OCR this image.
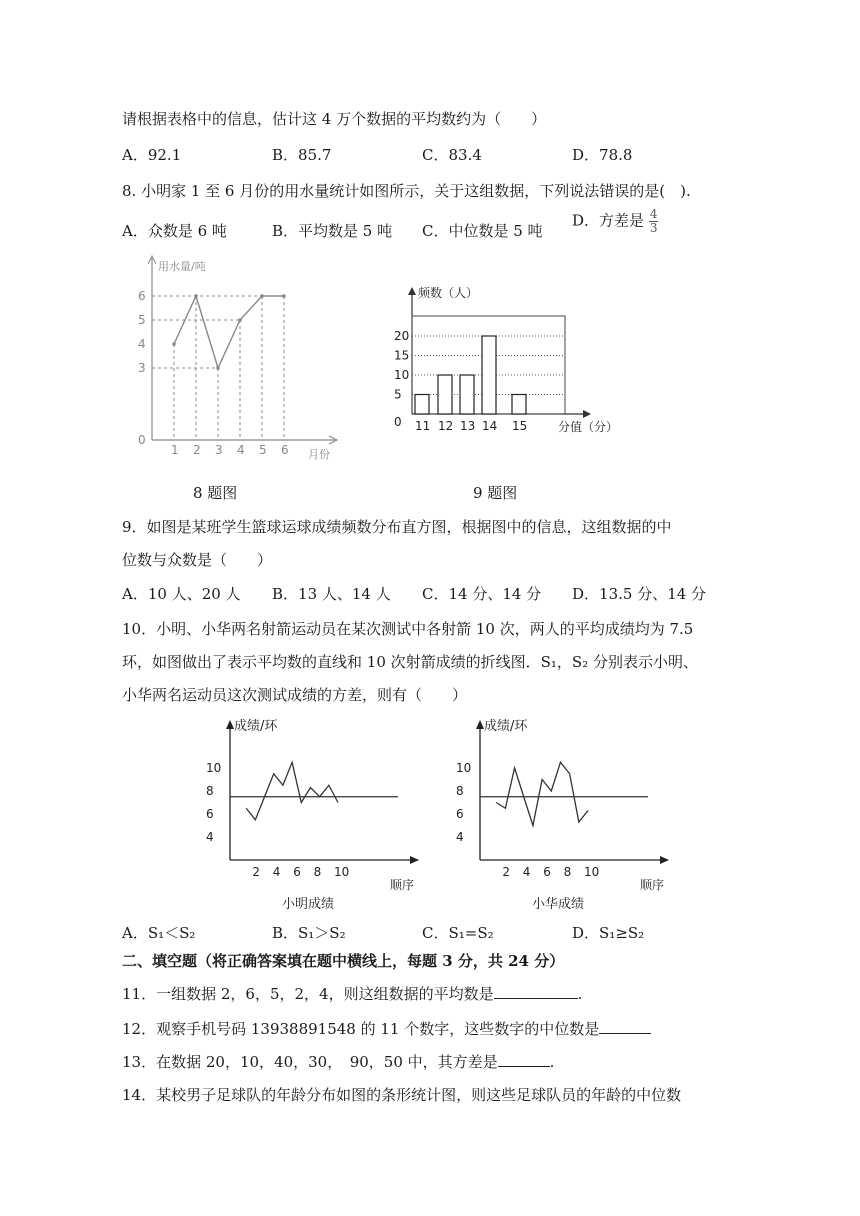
请根据表格中的信息，估计这 4 万个数据的平均数约为（　　）
A．92.1	B．85.7	C．83.4	D．78.8
8. 小明家 1 至 6 月份的用水量统计如图所示，关于这组数据，下列说法错误的是(　).
A．众数是 6 吨	B．平均数是 5 吨 C．中位数是 5 吨
D．方差是 $\frac{4}{3}$
用水量/吨
月份
0
3
4
5
6
1 2 3 4 5 6
8 题图
频数（人）
分值（分）
0
5
10
15
20
11 12 13 14 15
9 题图
9．如图是某班学生篮球运球成绩频数分布直方图，根据图中的信息，这组数据的中
位数与众数是（　　）
A．10 人、20 人 B．13 人、14 人 C．14 分、14 分 D．13.5 分、14 分
10．小明、小华两名射箭运动员在某次测试中各射箭 10 次，两人的平均成绩均为 7.5
环，如图做出了表示平均数的直线和 10 次射箭成绩的折线图．S₁，S₂ 分别表示小明、
小华两名运动员这次测试成绩的方差，则有（　　）
成绩/环
顺序
4
6
8
10
2 4 6 8 10
小明成绩
成绩/环
顺序
4
6
8
10
2 4 6 8 10
小华成绩
A．S₁＜S₂	B．S₁＞S₂	C．S₁=S₂	D．S₁≥S₂
二、填空题（将正确答案填在题中横线上，每题 3 分，共 24 分）
11．一组数据 2，6，5，2，4，则这组数据的平均数是	.
12．观察手机号码 13938891548 的 11 个数字，这些数字的中位数是
13．在数据 20，10，40，30，　90，50 中，其方差是	.
14．某校男子足球队的年龄分布如图的条形统计图，则这些足球队员的年龄的中位数
